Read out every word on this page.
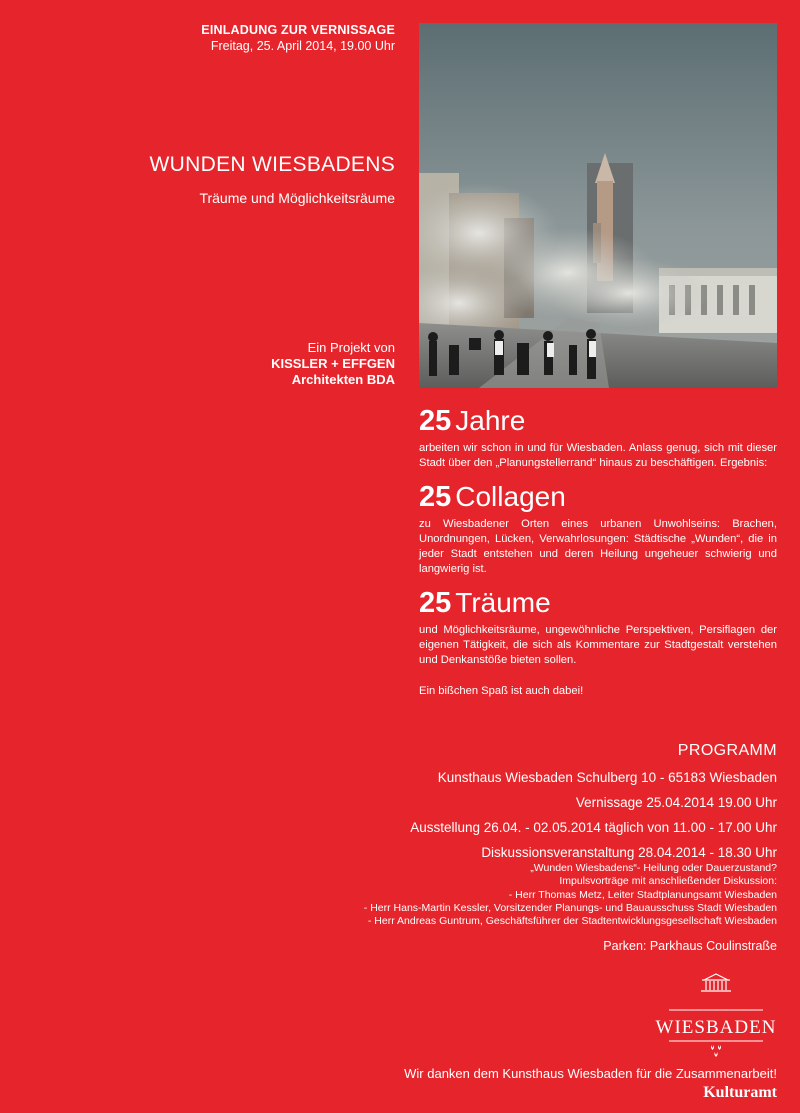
EINLADUNG ZUR VERNISSAGE
Freitag, 25. April 2014, 19.00 Uhr
WUNDEN WIESBADENS
Träume und Möglichkeitsräume
Ein Projekt von
KISSLER + EFFGEN
Architekten BDA
25 Jahre
arbeiten wir schon in und für Wiesbaden. Anlass genug, sich mit dieser Stadt über den „Planungstellerrand“ hinaus zu beschäftigen. Ergebnis:
25 Collagen
zu Wiesbadener Orten eines urbanen Unwohlseins: Brachen, Unordnungen, Lücken, Verwahrlosungen: Städtische „Wunden“, die in jeder Stadt entstehen und deren Heilung ungeheuer schwierig und langwierig ist.
25 Träume
und Möglichkeitsräume, ungewöhnliche Perspektiven, Persiflagen der eigenen Tätigkeit, die sich als Kommentare zur Stadtgestalt verstehen und Denkanstöße bieten sollen.
Ein bißchen Spaß ist auch dabei!
PROGRAMM
Kunsthaus Wiesbaden Schulberg 10 - 65183 Wiesbaden
Vernissage 25.04.2014 19.00 Uhr
Ausstellung 26.04. - 02.05.2014 täglich von 11.00 - 17.00 Uhr
Diskussionsveranstaltung 28.04.2014 - 18.30 Uhr
„Wunden Wiesbadens“- Heilung oder Dauerzustand?
Impulsvorträge mit anschließender Diskussion:
- Herr Thomas Metz, Leiter Stadtplanungsamt Wiesbaden
- Herr Hans-Martin Kessler, Vorsitzender Planungs- und Bauausschuss Stadt Wiesbaden
- Herr Andreas Guntrum, Geschäftsführer der Stadtentwicklungsgesellschaft Wiesbaden
Parken: Parkhaus Coulinstraße

WIESBADEN
Kulturamt
Wir danken dem Kunsthaus Wiesbaden für die Zusammenarbeit!
